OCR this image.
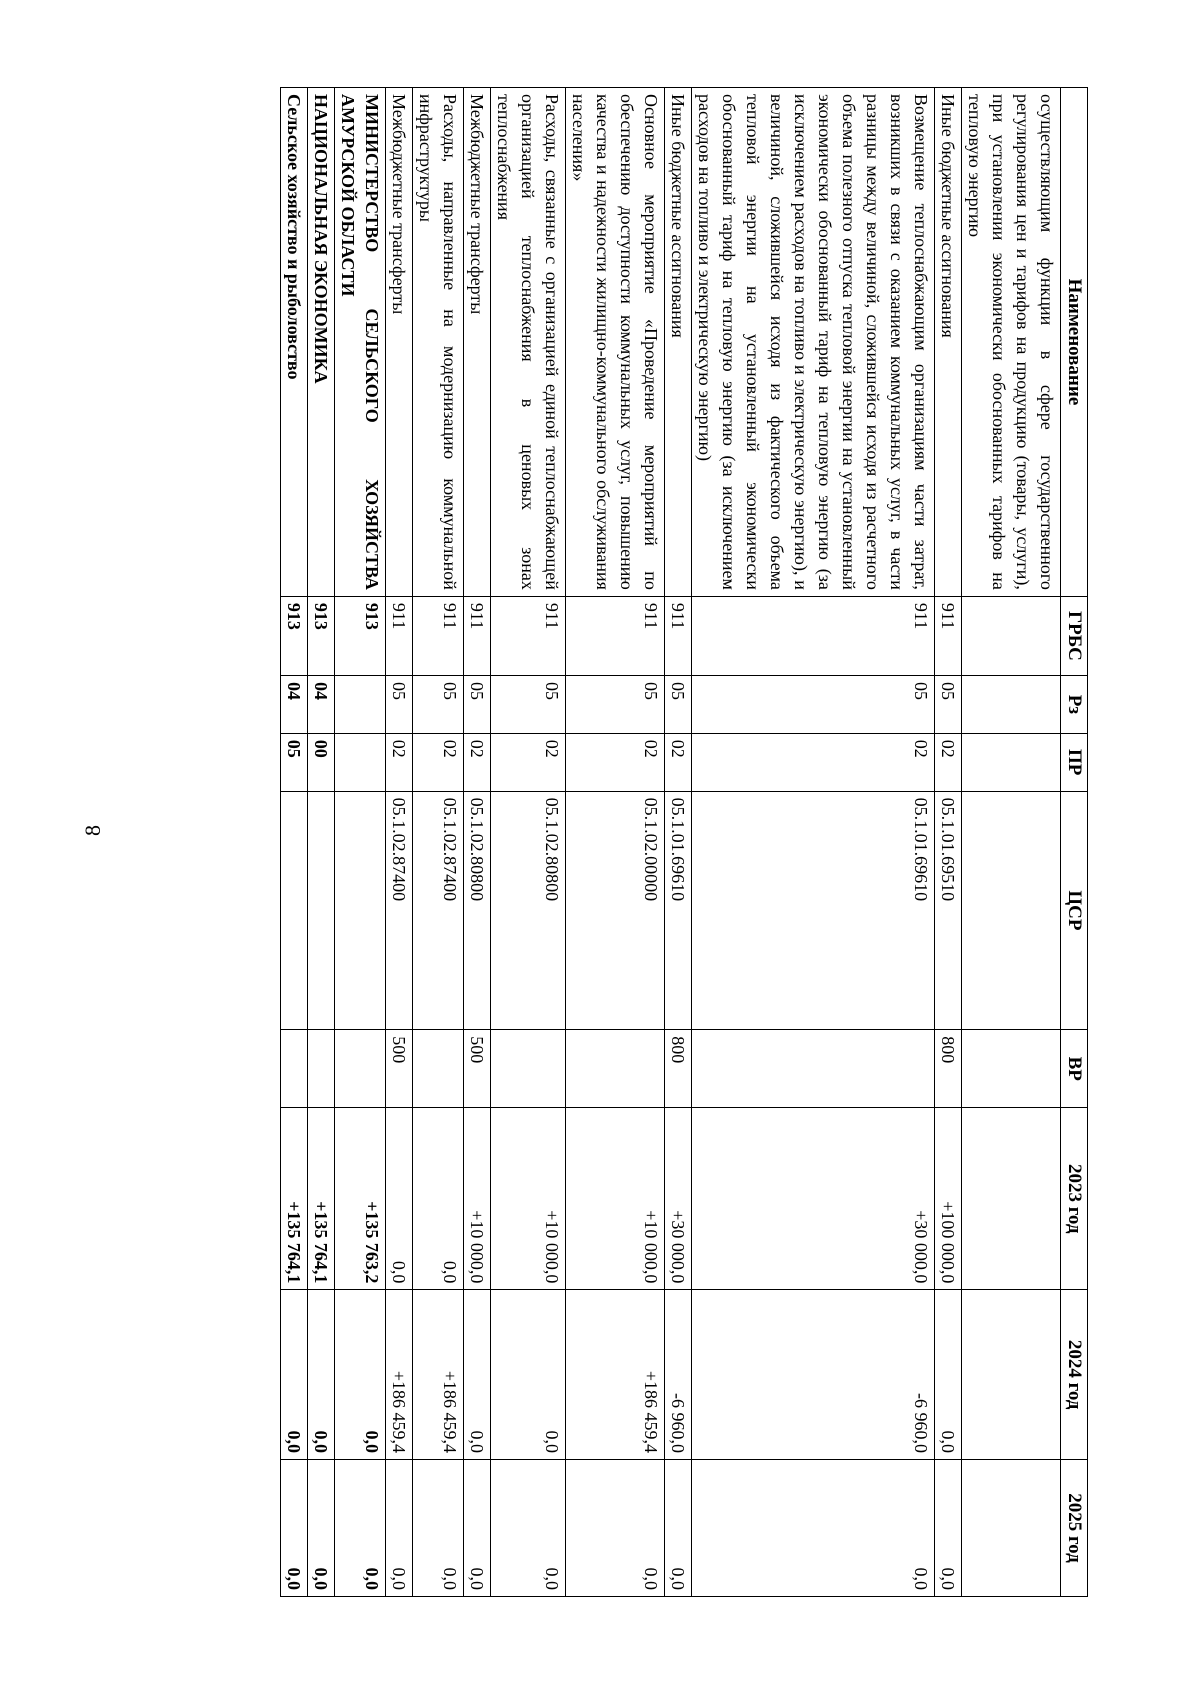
8
Наименование	ГРБС	Рз	ПР	ЦСР	ВР	2023 год	2024 год	2025 год
осуществляющим функции в сфере государственного регулирования цен и тарифов на продукцию (товары, услуги), при установлении экономически обоснованных тарифов на тепловую энергию								
Иные бюджетные ассигнования	911	05	02	05.1.01.69510	800	+100 000,0	0,0	0,0
Возмещение теплоснабжающим организациям части затрат, возникших в связи с оказанием коммунальных услуг, в части разницы между величиной, сложившейся исходя из расчетного объема полезного отпуска тепловой энергии на установленный экономически обоснованный тариф на тепловую энергию (за исключением расходов на топливо и электрическую энергию), и величиной, сложившейся исходя из фактического объема тепловой энергии на установленный экономически обоснованный тариф на тепловую энергию (за исключением расходов на топливо и электрическую энергию)	911	05	02	05.1.01.69610		+30 000,0	-6 960,0	0,0
Иные бюджетные ассигнования	911	05	02	05.1.01.69610	800	+30 000,0	-6 960,0	0,0
Основное мероприятие «Проведение мероприятий по обеспечению доступности коммунальных услуг, повышению качества и надежности жилищно-коммунального обслуживания населения»	911	05	02	05.1.02.00000		+10 000,0	+186 459,4	0,0
Расходы, связанные с организацией единой теплоснабжающей организацией теплоснабжения в ценовых зонах теплоснабжения	911	05	02	05.1.02.80800		+10 000,0	0,0	0,0
Межбюджетные трансферты	911	05	02	05.1.02.80800	500	+10 000,0	0,0	0,0
Расходы, направленные на модернизацию коммунальной инфраструктуры	911	05	02	05.1.02.87400		0,0	+186 459,4	0,0
Межбюджетные трансферты	911	05	02	05.1.02.87400	500	0,0	+186 459,4	0,0
МИНИСТЕРСТВО СЕЛЬСКОГО ХОЗЯЙСТВА АМУРСКОЙ ОБЛАСТИ	913					+135 763,2	0,0	0,0
НАЦИОНАЛЬНАЯ ЭКОНОМИКА	913	04	00			+135 764,1	0,0	0,0
Сельское хозяйство и рыболовство	913	04	05			+135 764,1	0,0	0,0
